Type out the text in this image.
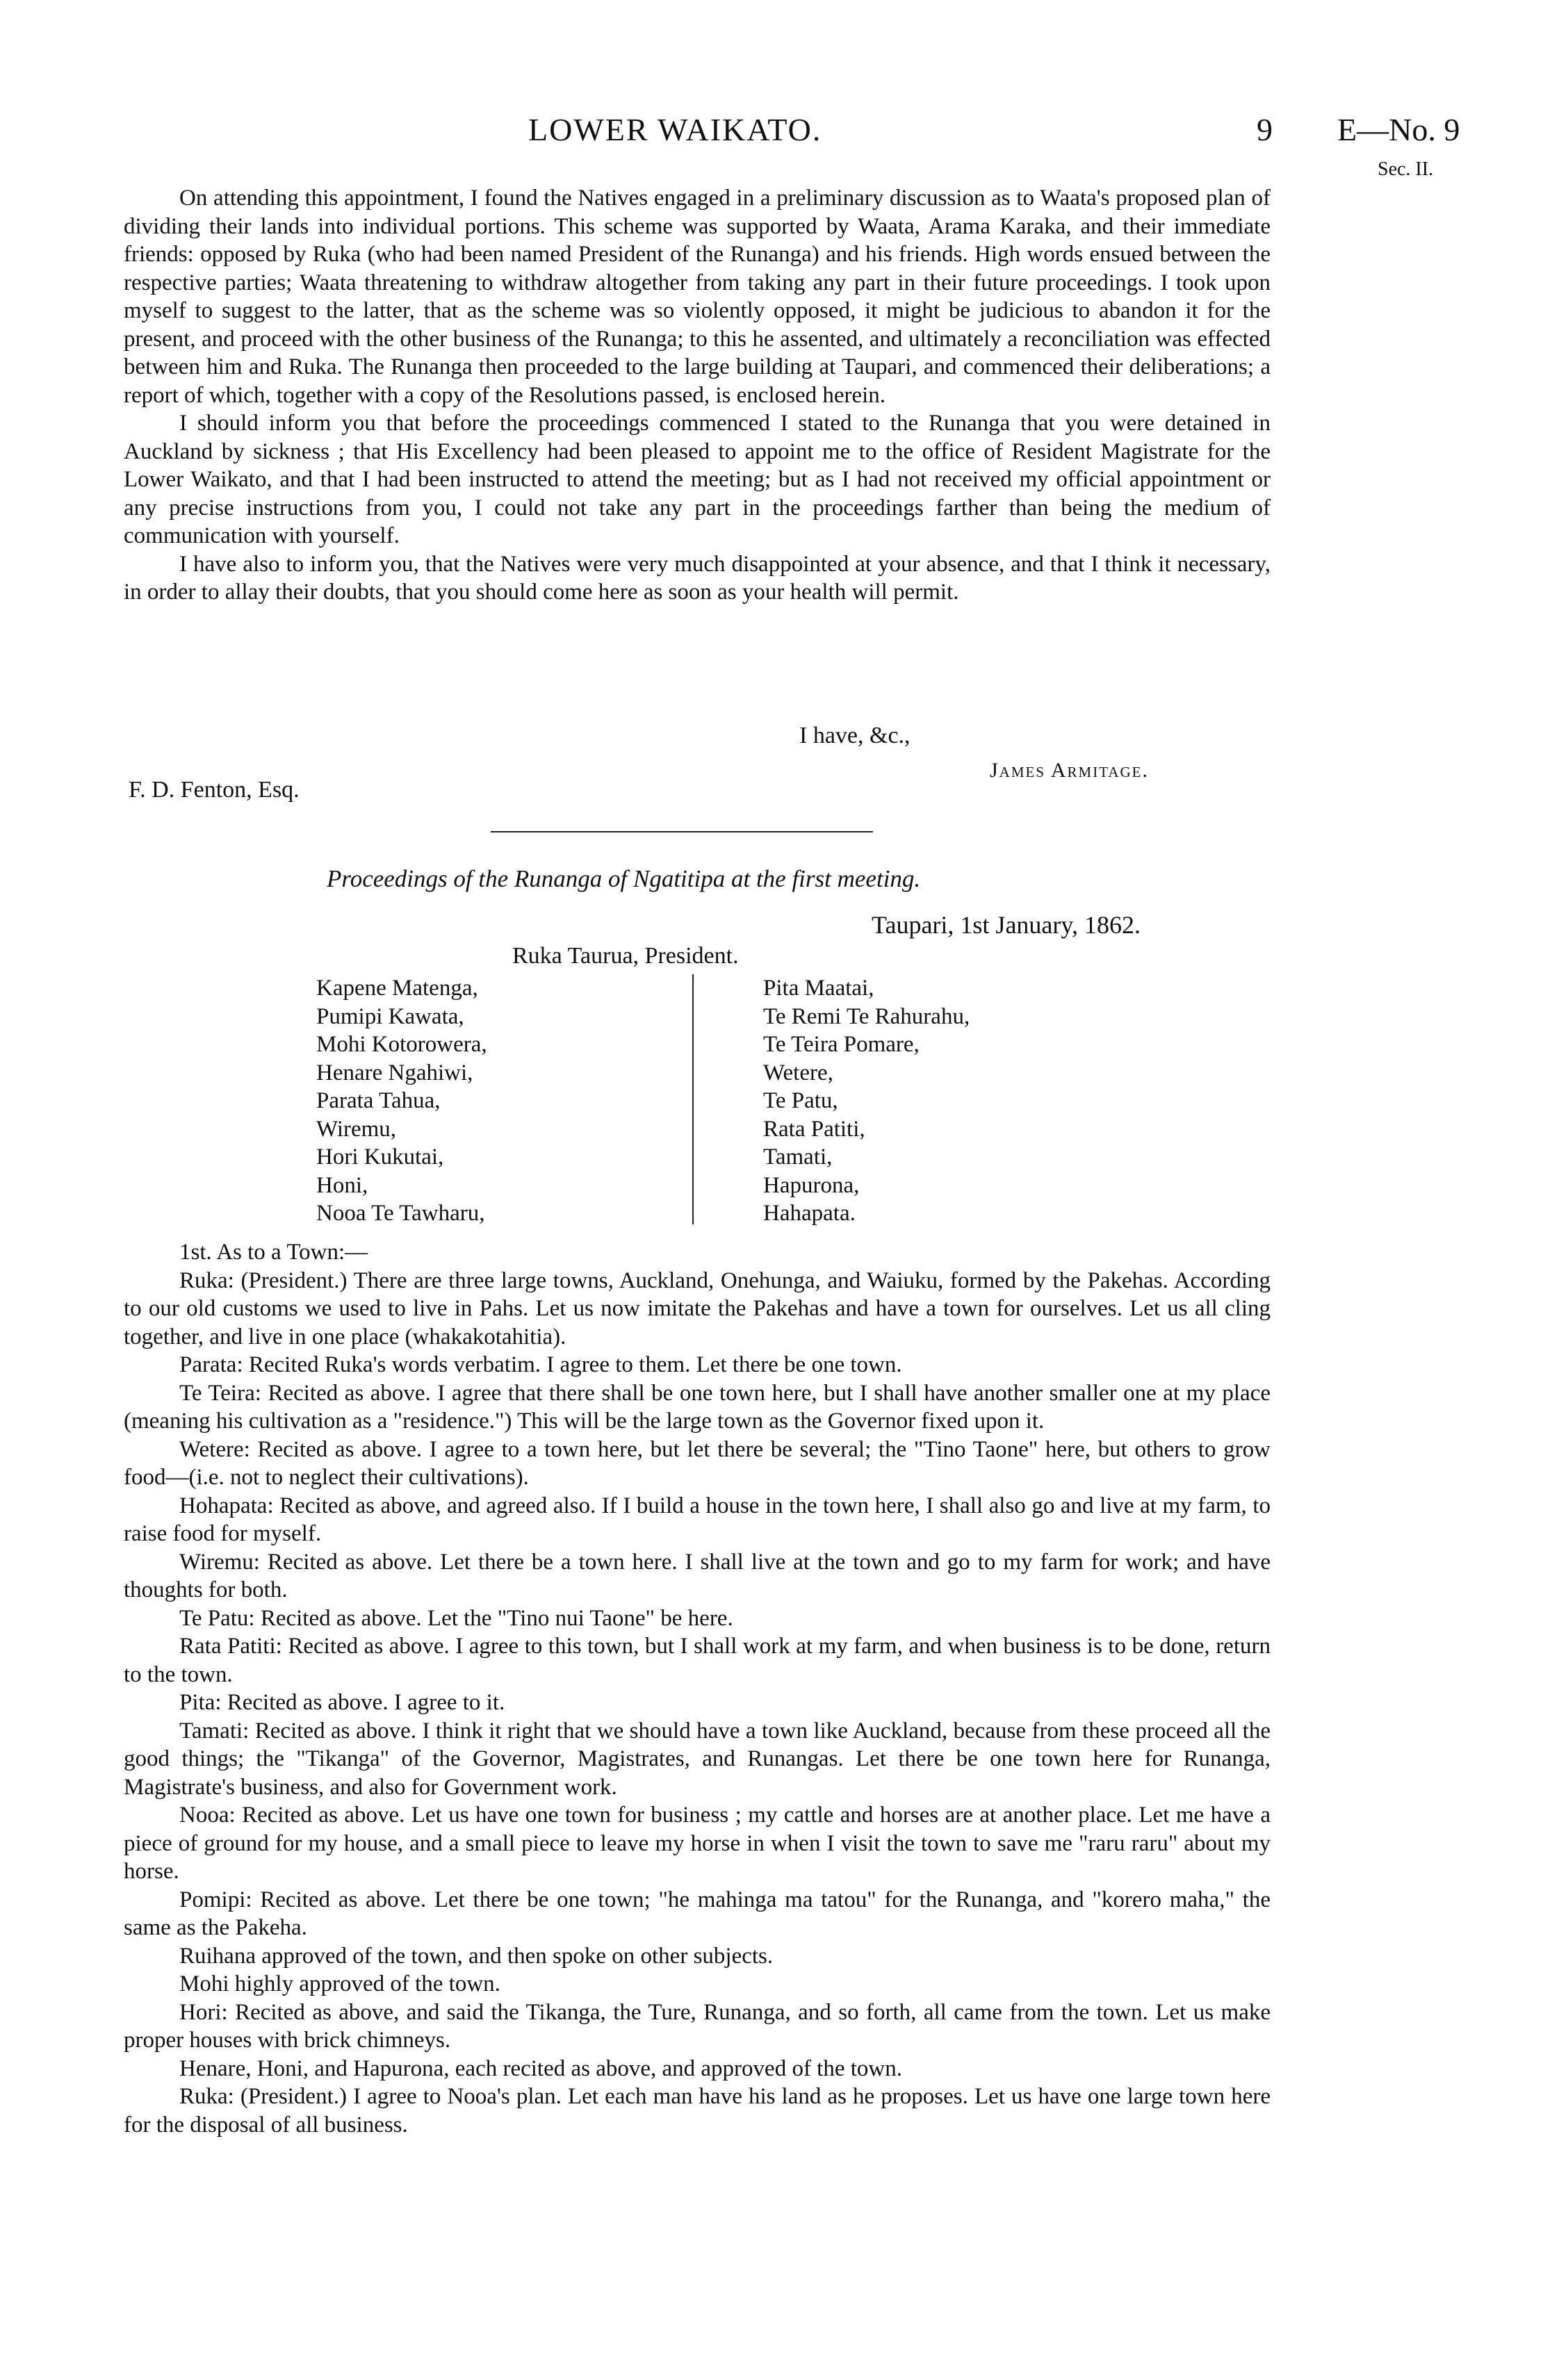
LOWER WAIKATO.	9 E—No. 9
Sec. II.

On attending this appointment, I found the Natives engaged in a preliminary discussion as to Waata's proposed plan of dividing their lands into individual portions. This scheme was supported by Waata, Arama Karaka, and their immediate friends: opposed by Ruka (who had been named President of the Runanga) and his friends. High words ensued between the respective parties; Waata threatening to withdraw altogether from taking any part in their future proceedings. I took upon myself to suggest to the latter, that as the scheme was so violently opposed, it might be judicious to abandon it for the present, and proceed with the other business of the Runanga; to this he assented, and ultimately a reconciliation was effected between him and Ruka. The Runanga then proceeded to the large building at Taupari, and commenced their deliberations; a report of which, together with a copy of the Resolutions passed, is enclosed herein.

I should inform you that before the proceedings commenced I stated to the Runanga that you were detained in Auckland by sickness ; that His Excellency had been pleased to appoint me to the office of Resident Magistrate for the Lower Waikato, and that I had been instructed to attend the meeting; but as I had not received my official appointment or any precise instructions from you, I could not take any part in the proceedings farther than being the medium of communication with yourself.

I have also to inform you, that the Natives were very much disappointed at your absence, and that I think it necessary, in order to allay their doubts, that you should come here as soon as your health will permit.

I have, &c.,
James Armitage.
F. D. Fenton, Esq.
Proceedings of the Runanga of Ngatitipa at the first meeting.
Taupari, 1st January, 1862.
Ruka Taurua, President.
Kapene Matenga,
Pumipi Kawata,
Mohi Kotorowera,
Henare Ngahiwi,
Parata Tahua,
Wiremu,
Hori Kukutai,
Honi,
Nooa Te Tawharu,
Pita Maatai,
Te Remi Te Rahurahu,
Te Teira Pomare,
Wetere,
Te Patu,
Rata Patiti,
Tamati,
Hapurona,
Hahapata.

1st. As to a Town:—

Ruka: (President.) There are three large towns, Auckland, Onehunga, and Waiuku, formed by the Pakehas. According to our old customs we used to live in Pahs. Let us now imitate the Pakehas and have a town for ourselves. Let us all cling together, and live in one place (whakakotahitia).

Parata: Recited Ruka's words verbatim. I agree to them. Let there be one town.

Te Teira: Recited as above. I agree that there shall be one town here, but I shall have another smaller one at my place (meaning his cultivation as a "residence.") This will be the large town as the Governor fixed upon it.

Wetere: Recited as above. I agree to a town here, but let there be several; the "Tino Taone" here, but others to grow food—(i.e. not to neglect their cultivations).

Hohapata: Recited as above, and agreed also. If I build a house in the town here, I shall also go and live at my farm, to raise food for myself.

Wiremu: Recited as above. Let there be a town here. I shall live at the town and go to my farm for work; and have thoughts for both.

Te Patu: Recited as above. Let the "Tino nui Taone" be here.

Rata Patiti: Recited as above. I agree to this town, but I shall work at my farm, and when business is to be done, return to the town.

Pita: Recited as above. I agree to it.

Tamati: Recited as above. I think it right that we should have a town like Auckland, because from these proceed all the good things; the "Tikanga" of the Governor, Magistrates, and Runangas. Let there be one town here for Runanga, Magistrate's business, and also for Government work.

Nooa: Recited as above. Let us have one town for business ; my cattle and horses are at another place. Let me have a piece of ground for my house, and a small piece to leave my horse in when I visit the town to save me "raru raru" about my horse.

Pomipi: Recited as above. Let there be one town; "he mahinga ma tatou" for the Runanga, and "korero maha," the same as the Pakeha.

Ruihana approved of the town, and then spoke on other subjects.

Mohi highly approved of the town.

Hori: Recited as above, and said the Tikanga, the Ture, Runanga, and so forth, all came from the town. Let us make proper houses with brick chimneys.

Henare, Honi, and Hapurona, each recited as above, and approved of the town.

Ruka: (President.) I agree to Nooa's plan. Let each man have his land as he proposes. Let us have one large town here for the disposal of all business.
